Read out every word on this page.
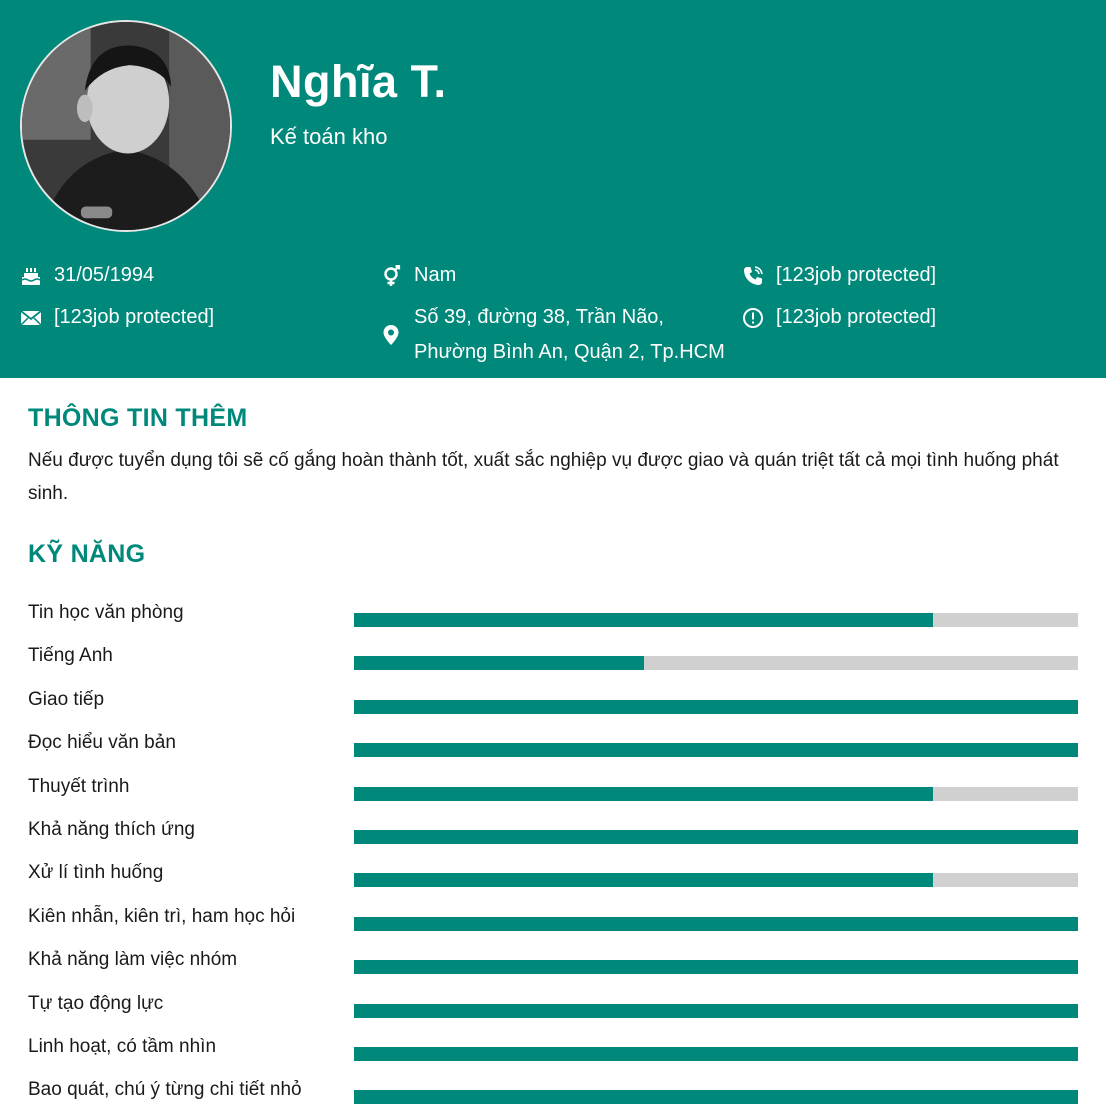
Nghĩa T.
Kế toán kho
31/05/1994
[123job protected]
Nam
Số 39, đường 38, Trần Não,
Phường Bình An, Quận 2, Tp.HCM
[123job protected]
[123job protected]
THÔNG TIN THÊM
Nếu được tuyển dụng tôi sẽ cố gắng hoàn thành tốt, xuất sắc nghiệp vụ được giao và quán triệt tất cả mọi tình huống phát sinh.
KỸ NĂNG
Tin học văn phòng
Tiếng Anh
Giao tiếp
Đọc hiểu văn bản
Thuyết trình
Khả năng thích ứng
Xử lí tình huống
Kiên nhẫn, kiên trì, ham học hỏi
Khả năng làm việc nhóm
Tự tạo động lực
Linh hoạt, có tầm nhìn
Bao quát, chú ý từng chi tiết nhỏ
